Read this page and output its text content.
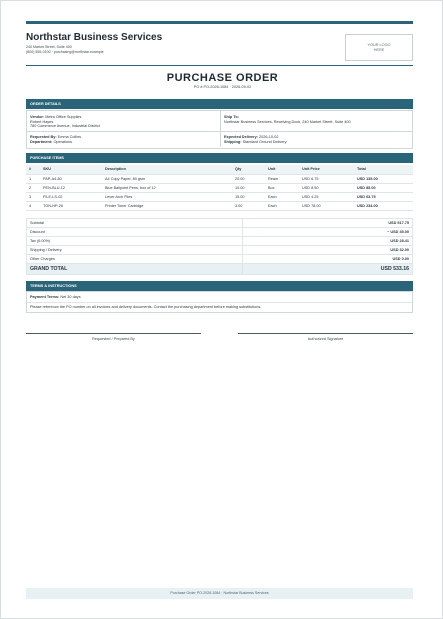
Northstar Business Services
240 Market Street, Suite 400
(800) 555-0100 · purchasing@northstar.example
YOUR LOGO
HERE
PURCHASE ORDER
PO # PO-2026-1084 · 2026-09-02
ORDER DETAILS
Vendor: Metro Office Supplies
Robert Hayes
780 Commerce Avenue, Industrial District
Ship To:
Northstar Business Services, Receiving Dock, 240 Market Street, Suite 400
Requested By: Emma Collins
Department: Operations
Expected Delivery: 2026-10-02
Shipping: Standard Ground Delivery
PURCHASE ITEMS
#	SKU	Description	Qty	Unit	Unit Price	Total
1	PAP-A4-80	A4 Copy Paper, 80 gsm	20.00	Ream	USD 6.75	USD 135.00
2	PEN-BLU-12	Blue Ballpoint Pens, box of 12	10.00	Box	USD 8.50	USD 85.00
3	FILE-LS-02	Lever Arch Files	15.00	Each	USD 4.25	USD 63.75
4	TON-HP-26	Printer Toner Cartridge	3.00	Each	USD 78.00	USD 234.00
Subtotal	USD 517.75
Discount	− USD 45.00
Tax (6.00%)	USD 28.41
Shipping / Delivery	USD 32.00
Other Charges	USD 0.00
GRAND TOTAL	USD 533.16
TERMS & INSTRUCTIONS
Payment Terms: Net 30 days
Please reference the PO number on all invoices and delivery documents. Contact the purchasing department before making substitutions.
Requested / Prepared By	Authorized Signature
Purchase Order PO-2026-1084 · Northstar Business Services
